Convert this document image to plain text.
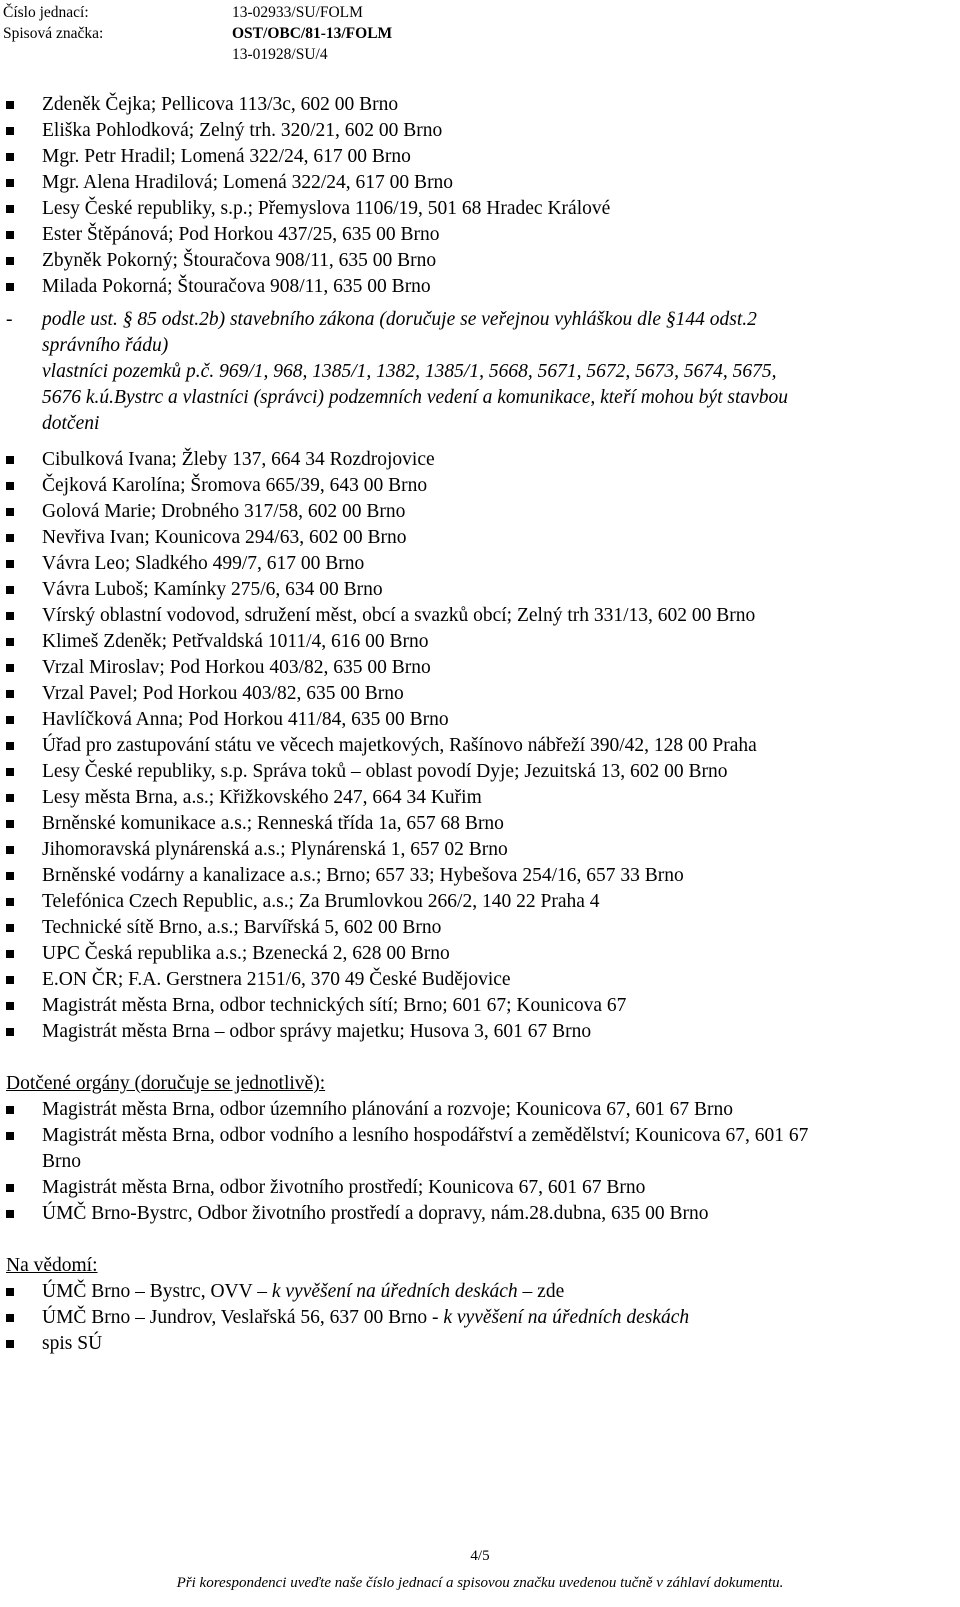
Číslo jednací:	13-02933/SU/FOLM
Spisová značka:	OST/OBC/81-13/FOLM
13-01928/SU/4
Zdeněk Čejka; Pellicova 113/3c, 602 00 Brno
Eliška Pohlodková; Zelný trh. 320/21, 602 00 Brno
Mgr. Petr Hradil; Lomená 322/24, 617 00 Brno
Mgr. Alena Hradilová; Lomená 322/24, 617 00 Brno
Lesy České republiky, s.p.; Přemyslova 1106/19, 501 68 Hradec Králové
Ester Štěpánová; Pod Horkou 437/25, 635 00 Brno
Zbyněk Pokorný; Štouračova 908/11, 635 00 Brno
Milada Pokorná; Štouračova 908/11, 635 00 Brno
- podle ust. § 85 odst.2b) stavebního zákona (doručuje se veřejnou vyhláškou dle §144 odst.2
správního řádu)
vlastníci pozemků p.č. 969/1, 968, 1385/1, 1382, 1385/1, 5668, 5671, 5672, 5673, 5674, 5675,
5676 k.ú.Bystrc a vlastníci (správci) podzemních vedení a komunikace, kteří mohou být stavbou
dotčeni
Cibulková Ivana; Žleby 137, 664 34 Rozdrojovice
Čejková Karolína; Šromova 665/39, 643 00 Brno
Golová Marie; Drobného 317/58, 602 00 Brno
Nevřiva Ivan; Kounicova 294/63, 602 00 Brno
Vávra Leo; Sladkého 499/7, 617 00 Brno
Vávra Luboš; Kamínky 275/6, 634 00 Brno
Vírský oblastní vodovod, sdružení měst, obcí a svazků obcí; Zelný trh 331/13, 602 00 Brno
Klimeš Zdeněk; Petřvaldská 1011/4, 616 00 Brno
Vrzal Miroslav; Pod Horkou 403/82, 635 00 Brno
Vrzal Pavel; Pod Horkou 403/82, 635 00 Brno
Havlíčková Anna; Pod Horkou 411/84, 635 00 Brno
Úřad pro zastupování státu ve věcech majetkových, Rašínovo nábřeží 390/42, 128 00 Praha
Lesy České republiky, s.p. Správa toků – oblast povodí Dyje; Jezuitská 13, 602 00 Brno
Lesy města Brna, a.s.; Křižkovského 247, 664 34 Kuřim
Brněnské komunikace a.s.; Renneská třída 1a, 657 68 Brno
Jihomoravská plynárenská a.s.; Plynárenská 1, 657 02 Brno
Brněnské vodárny a kanalizace a.s.; Brno; 657 33; Hybešova 254/16, 657 33 Brno
Telefónica Czech Republic, a.s.; Za Brumlovkou 266/2, 140 22 Praha 4
Technické sítě Brno, a.s.; Barvířská 5, 602 00 Brno
UPC Česká republika a.s.; Bzenecká 2, 628 00 Brno
E.ON ČR; F.A. Gerstnera 2151/6, 370 49 České Budějovice
Magistrát města Brna, odbor technických sítí; Brno; 601 67; Kounicova 67
Magistrát města Brna – odbor správy majetku; Husova 3, 601 67 Brno
Dotčené orgány (doručuje se jednotlivě):
Magistrát města Brna, odbor územního plánování a rozvoje; Kounicova 67, 601 67 Brno
Magistrát města Brna, odbor vodního a lesního hospodářství a zemědělství; Kounicova 67, 601 67
Brno
Magistrát města Brna, odbor životního prostředí; Kounicova 67, 601 67 Brno
ÚMČ Brno-Bystrc, Odbor životního prostředí a dopravy, nám.28.dubna, 635 00 Brno
Na vědomí:
ÚMČ Brno – Bystrc, OVV – k vyvěšení na úředních deskách – zde
ÚMČ Brno – Jundrov, Veslařská 56, 637 00 Brno - k vyvěšení na úředních deskách
spis SÚ
4/5
Při korespondenci uveďte naše číslo jednací a spisovou značku uvedenou tučně v záhlaví dokumentu.
